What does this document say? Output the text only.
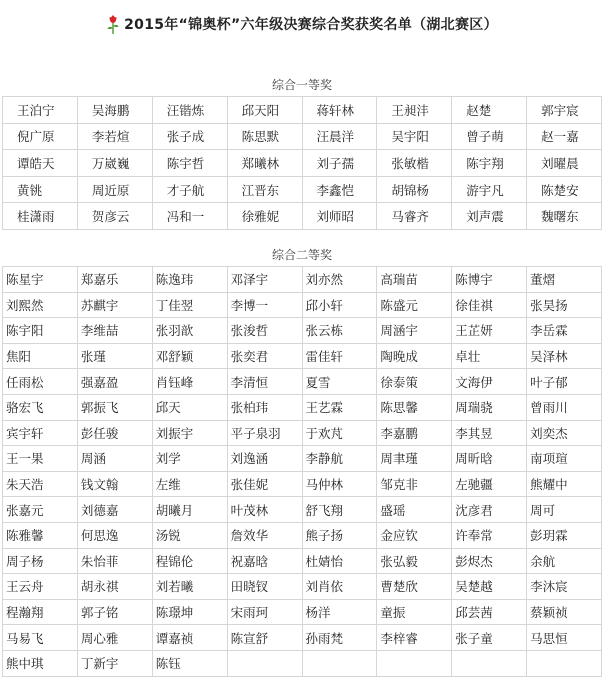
2015年“锦奥杯”六年级决赛综合奖获奖名单（湖北赛区）
综合一等奖
王泊宁	吴海鹏	汪锴炼	邱天阳	蒋轩林	王昶沣	赵楚	郭宇宸
倪广原	李若煊	张子成	陈思默	汪晨洋	吴宇阳	曾子萌	赵一嘉
谭皓天	万崴巍	陈宇哲	郑曦林	刘子孺	张敏楷	陈宇翔	刘曜晨
黄铫	周近原	才子航	江晋东	李鑫恺	胡锦杨	游宇凡	陈楚安
桂潇雨	贺彦云	冯和一	徐雅妮	刘师昭	马睿齐	刘声震	魏曙东
综合二等奖
陈星宇	郑嘉乐	陈逸玮	邓泽宇	刘亦然	高瑞苗	陈博宇	董熠
刘熙然	苏麒宇	丁佳翌	李博一	邱小轩	陈盛元	徐佳祺	张昊扬
陈宇阳	李维喆	张羽歆	张浚哲	张云栋	周涵宇	王芷妍	李岳霖
焦阳	张瑾	邓舒颖	张奕君	雷佳轩	陶晚成	卓壮	吴泽林
任雨松	强嘉盈	肖钰峰	李清恒	夏雪	徐泰策	文海伊	叶子郁
骆宏飞	郭振飞	邱天	张柏玮	王艺霖	陈思馨	周瑞骁	曾雨川
宾宇轩	彭任骏	刘振宇	平子泉羽	于欢芃	李嘉鹏	李其昱	刘奕杰
王一果	周涵	刘学	刘逸涵	李静航	周聿瑾	周昕晗	南项瑄
朱天浩	钱文翰	左维	张佳妮	马仲林	邹克非	左驰疆	熊耀中
张嘉元	刘德嘉	胡曦月	叶茂林	舒飞翔	盛瑶	沈彦君	周可
陈雅馨	何思逸	汤锐	詹效华	熊子扬	金应钦	许奉常	彭玥霖
周子杨	朱怡菲	程锦伦	祝嘉晗	杜婧怡	张弘毅	彭烬杰	余航
王云舟	胡永祺	刘若曦	田晓钗	刘肖依	曹楚欣	吴楚越	李沐宸
程瀚翔	郭子铭	陈璟坤	宋雨珂	杨洋	童振	邱芸茜	蔡颖祯
马易飞	周心雅	谭嘉祯	陈宣舒	孙雨梵	李梓睿	张子童	马思恒
熊中琪	丁新宇	陈钰					
